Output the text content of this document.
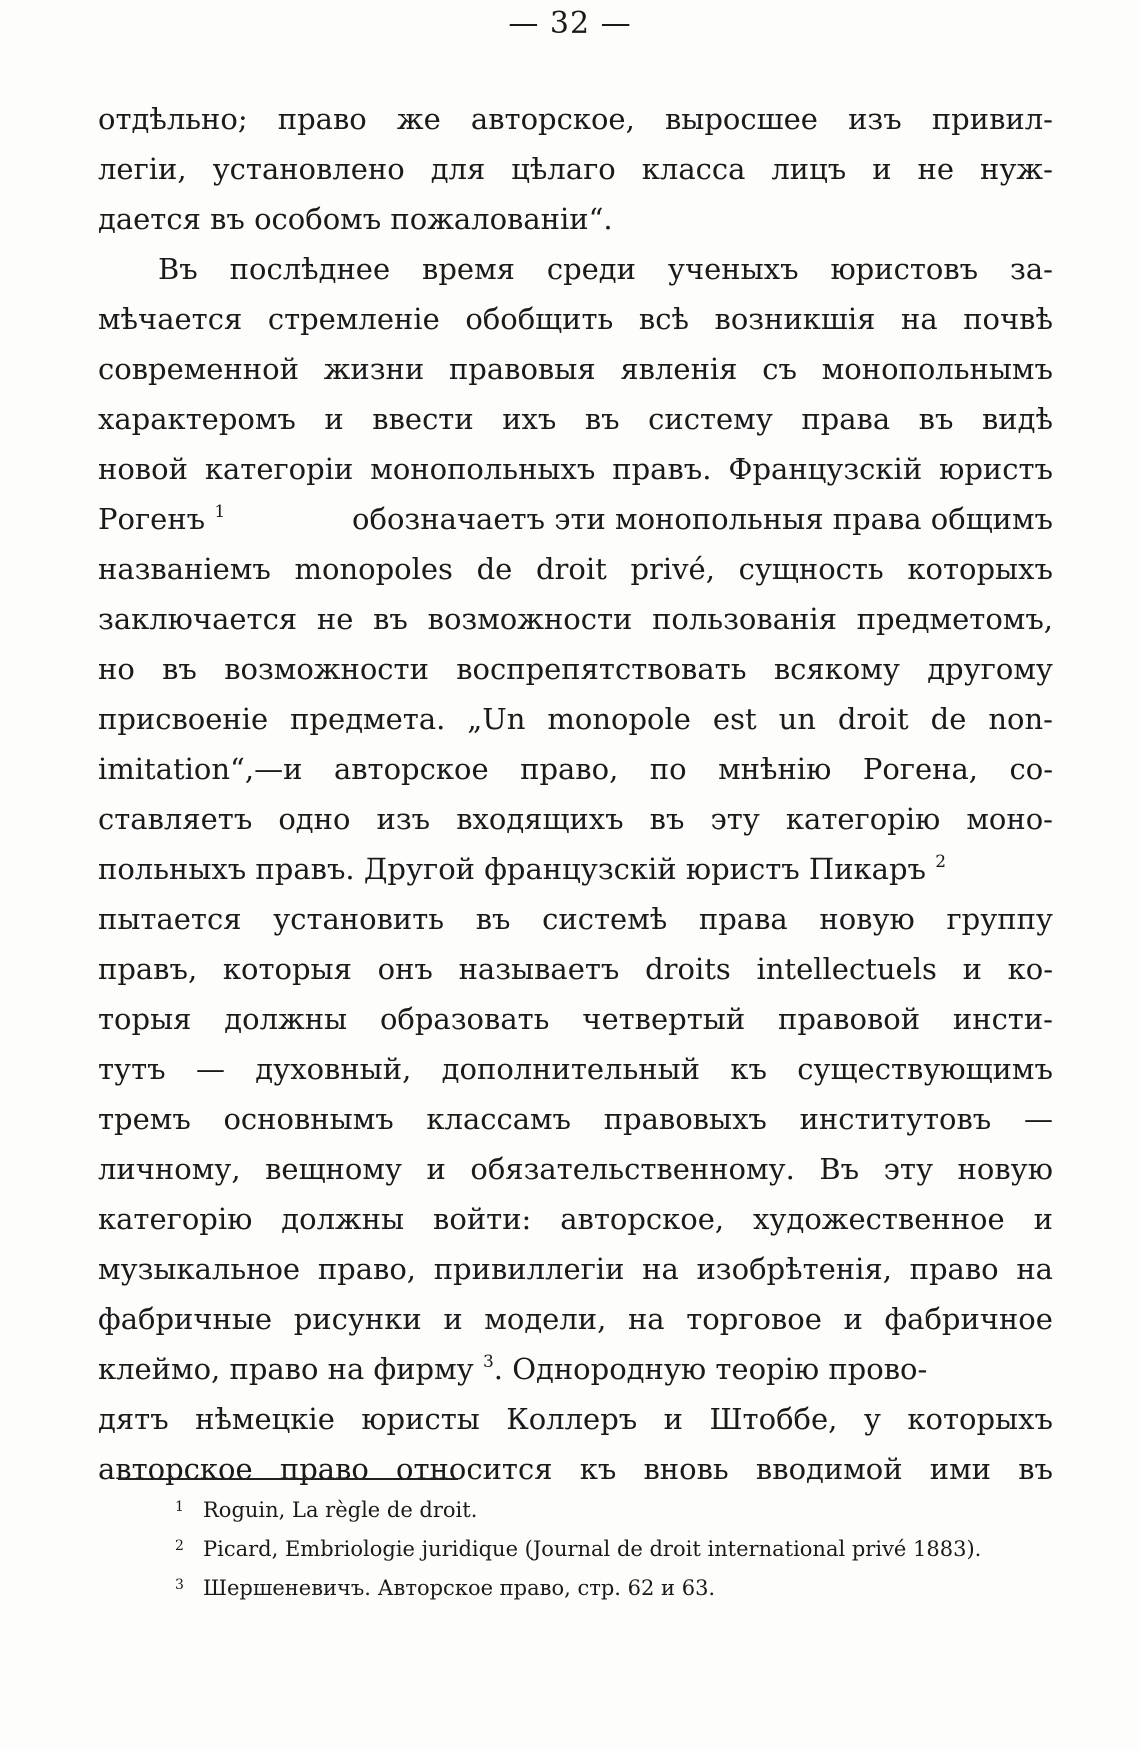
— 32 —
отдѣльно; право же авторское, выросшее изъ привил-
легіи, установлено для цѣлаго класса лицъ и не нуж-
дается въ особомъ пожалованіи“.
Въ послѣднее время среди ученыхъ юристовъ за-
мѣчается стремленіе обобщить всѣ возникшія на почвѣ
современной жизни правовыя явленія съ монопольнымъ
характеромъ и ввести ихъ въ систему права въ видѣ
новой категоріи монопольныхъ правъ. Французскій юристъ
Рогенъ $^1$	обозначаетъ эти монопольныя права общимъ
названіемъ monopoles de droit privé, сущность которыхъ
заключается не въ возможности пользованія предметомъ,
но въ возможности воспрепятствовать всякому другому
присвоеніе предмета. „Un monopole est un droit de non-
imitation“,—и авторское право, по мнѣнію Рогена, со-
ставляетъ одно изъ входящихъ въ эту категорію моно-
польныхъ правъ. Другой французскій юристъ Пикаръ $^2$
пытается установить въ системѣ права новую группу
правъ, которыя онъ называетъ droits intellectuels и ко-
торыя должны образовать четвертый правовой инсти-
тутъ — духовный, дополнительный къ существующимъ
тремъ основнымъ классамъ правовыхъ институтовъ —
личному, вещному и обязательственному. Въ эту новую
категорію должны войти: авторское, художественное и
музыкальное право, привиллегіи на изобрѣтенія, право на
фабричные рисунки и модели, на торговое и фабричное
клеймо, право на фирму $^3$. Однородную теорію прово-
дятъ нѣмецкіе юристы Коллеръ и Штоббе, у которыхъ
авторское право относится къ вновь вводимой ими въ
1 Roguin, La règle de droit.
2 Picard, Embriologie juridique (Journal de droit international privé 1883).
3 Шершеневичъ. Авторское право, стр. 62 и 63.
